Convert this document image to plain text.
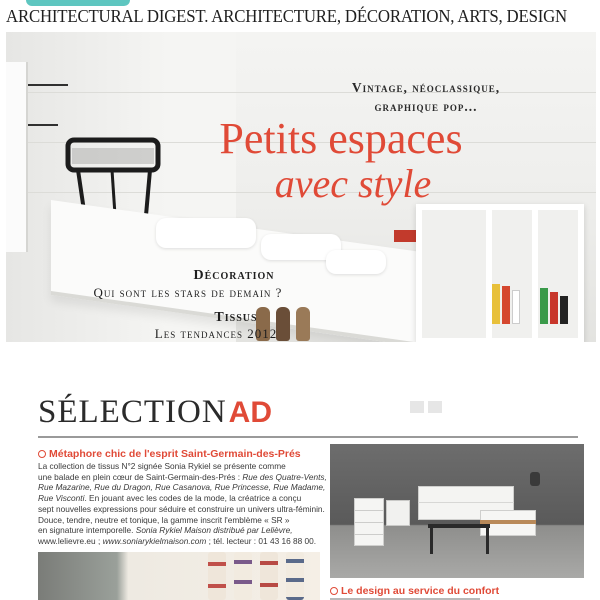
ARCHITECTURAL DIGEST. ARCHITECTURE, DÉCORATION, ARTS, DESIGN
Vintage, néoclassique,
graphique pop...
Petits espaces
avec style
Décoration
Qui sont les stars de demain ?
Tissus
Les tendances 2012
SÉLECTIONAD
Métaphore chic de l'esprit Saint-Germain-des-Prés
La collection de tissus N°2 signée Sonia Rykiel se présente comme
une balade en plein cœur de Saint-Germain-des-Prés : Rue des Quatre-Vents,
Rue Mazarine, Rue du Dragon, Rue Casanova, Rue Princesse, Rue Madame,
Rue Visconti. En jouant avec les codes de la mode, la créatrice a conçu
sept nouvelles expressions pour séduire et construire un univers ultra-féminin.
Douce, tendre, neutre et tonique, la gamme inscrit l'emblème « SR »
en signature intemporelle. Sonia Rykiel Maison distribué par Lelièvre,
www.lelievre.eu ; www.soniarykielmaison.com ; tél. lecteur : 01 43 16 88 00.
Le design au service du confort
